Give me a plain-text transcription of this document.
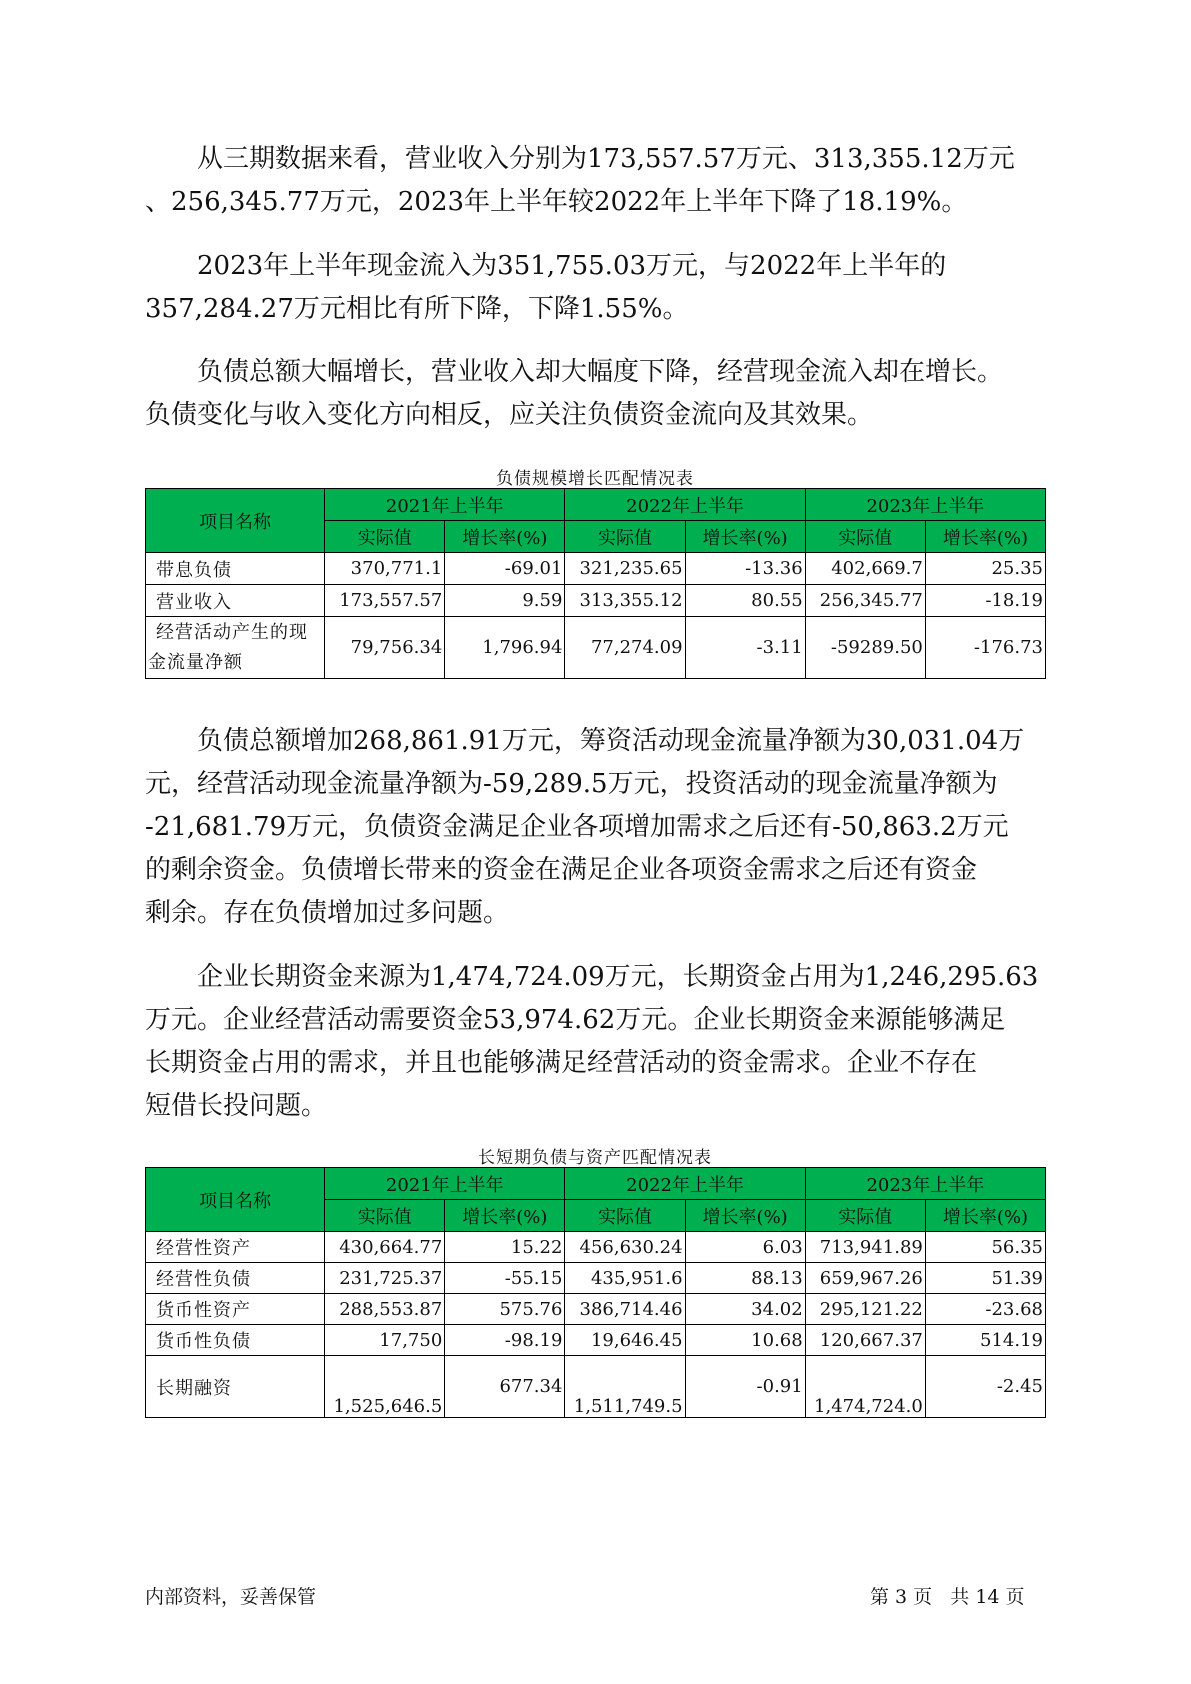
从三期数据来看，营业收入分别为173,557.57万元、313,355.12万元

、256,345.77万元，2023年上半年较2022年上半年下降了18.19%。

2023年上半年现金流入为351,755.03万元，与2022年上半年的

357,284.27万元相比有所下降，下降1.55%。

负债总额大幅增长，营业收入却大幅度下降，经营现金流入却在增长。

负债变化与收入变化方向相反，应关注负债资金流向及其效果。

负债规模增长匹配情况表

项目名称	2021年上半年		2022年上半年		2023年上半年	
	实际值	增长率(%)	实际值	增长率(%)	实际值	增长率(%)
带息负债	370,771.1	-69.01	321,235.65	-13.36	402,669.7	25.35
营业收入	173,557.57	9.59	313,355.12	80.55	256,345.77	-18.19

经营活动产生的现
金流量净额	79,756.34	1,796.94	77,274.09	-3.11	-59289.50	-176.73

负债总额增加268,861.91万元，筹资活动现金流量净额为30,031.04万

元，经营活动现金流量净额为-59,289.5万元，投资活动的现金流量净额为

-21,681.79万元，负债资金满足企业各项增加需求之后还有-50,863.2万元

的剩余资金。负债增长带来的资金在满足企业各项资金需求之后还有资金

剩余。存在负债增加过多问题。

企业长期资金来源为1,474,724.09万元，长期资金占用为1,246,295.63

万元。企业经营活动需要资金53,974.62万元。企业长期资金来源能够满足

长期资金占用的需求，并且也能够满足经营活动的资金需求。企业不存在

短借长投问题。

长短期负债与资产匹配情况表

项目名称	2021年上半年		2022年上半年		2023年上半年	
	实际值	增长率(%)	实际值	增长率(%)	实际值	增长率(%)
经营性资产	430,664.77	15.22	456,630.24	6.03	713,941.89	56.35
经营性负债	231,725.37	-55.15	435,951.6	88.13	659,967.26	51.39
货币性资产	288,553.87	575.76	386,714.46	34.02	295,121.22	-23.68
货币性负债	17,750	-98.19	19,646.45	10.68	120,667.37	514.19
长期融资	1,525,646.5	677.34	1,511,749.5	-0.91	1,474,724.0	-2.45

内部资料，妥善保管	第 3 页   共 14 页
